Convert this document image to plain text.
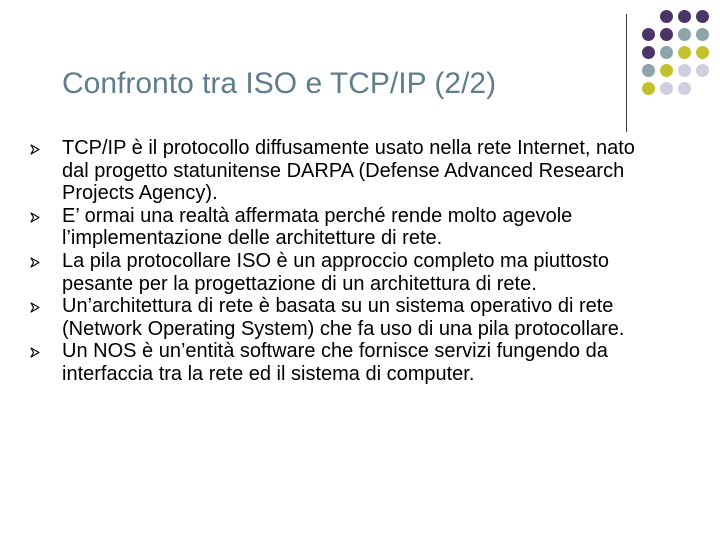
Confronto tra ISO e TCP/IP (2/2)
TCP/IP è il protocollo diffusamente usato nella rete Internet, nato dal progetto statunitense DARPA (Defense Advanced Research Projects Agency).
E’ ormai una realtà affermata perché rende molto agevole l’implementazione delle architetture di rete.
La pila protocollare ISO è un approccio completo ma piuttosto pesante per la progettazione di un architettura di rete.
Un’architettura di rete è basata su un sistema operativo di rete (Network Operating System) che fa uso di una pila protocollare.
Un NOS è un’entità software che fornisce servizi fungendo da interfaccia tra la rete ed il sistema di computer.
